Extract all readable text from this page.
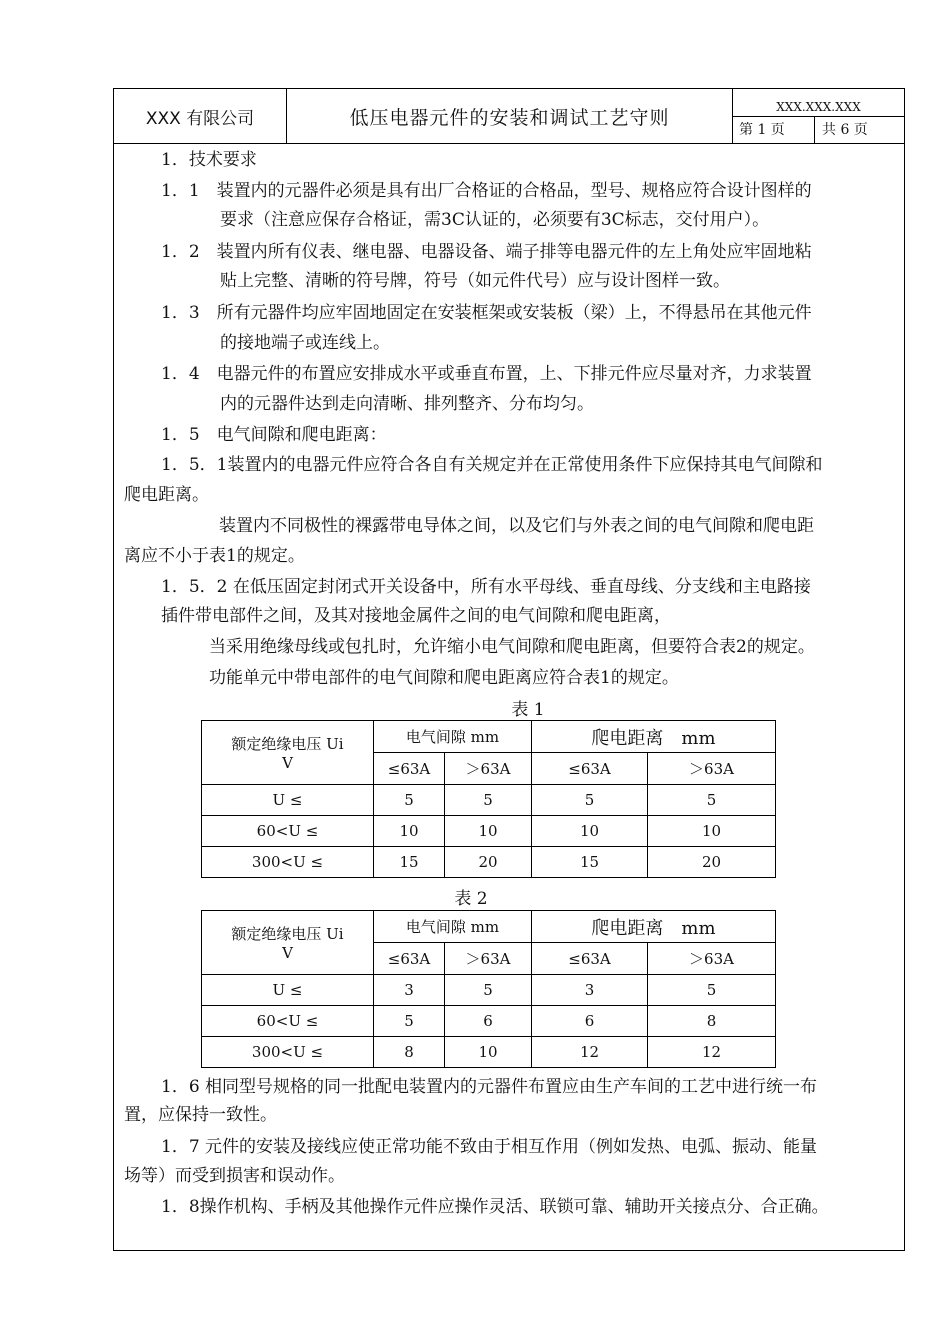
XXX 有限公司	低压电器元件的安装和调试工艺守则	XXX.XXX.XXX
第 1 页	共 6 页
1．技术要求
1．1　装置内的元器件必须是具有出厂合格证的合格品，型号、规格应符合设计图样的
要求（注意应保存合格证，需3C认证的，必须要有3C标志，交付用户）。
1．2　装置内所有仪表、继电器、电器设备、端子排等电器元件的左上角处应牢固地粘
贴上完整、清晰的符号牌，符号（如元件代号）应与设计图样一致。
1．3　所有元器件均应牢固地固定在安装框架或安装板（梁）上，不得悬吊在其他元件
的接地端子或连线上。
1．4　电器元件的布置应安排成水平或垂直布置，上、下排元件应尽量对齐，力求装置
内的元器件达到走向清晰、排列整齐、分布均匀。
1．5　电气间隙和爬电距离：
1．5．1装置内的电器元件应符合各自有关规定并在正常使用条件下应保持其电气间隙和
爬电距离。
装置内不同极性的裸露带电导体之间，以及它们与外表之间的电气间隙和爬电距
离应不小于表1的规定。
1．5．2 在低压固定封闭式开关设备中，所有水平母线、垂直母线、分支线和主电路接
插件带电部件之间，及其对接地金属件之间的电气间隙和爬电距离，
当采用绝缘母线或包扎时，允许缩小电气间隙和爬电距离，但要符合表2的规定。
功能单元中带电部件的电气间隙和爬电距离应符合表1的规定。
表 1
额定绝缘电压 Ui
V	电气间隙 mm		爬电距离　mm	
	≤63A	＞63A	≤63A	＞63A
U ≤	5	5	5	5
60<U ≤	10	10	10	10
300<U ≤	15	20	15	20
表 2
额定绝缘电压 Ui
V	电气间隙 mm		爬电距离　mm	
	≤63A	＞63A	≤63A	＞63A
U ≤	3	5	3	5
60<U ≤	5	6	6	8
300<U ≤	8	10	12	12
1．6 相同型号规格的同一批配电装置内的元器件布置应由生产车间的工艺中进行统一布
置，应保持一致性。
1．7 元件的安装及接线应使正常功能不致由于相互作用（例如发热、电弧、振动、能量
场等）而受到损害和误动作。
1．8操作机构、手柄及其他操作元件应操作灵活、联锁可靠、辅助开关接点分、合正确。
